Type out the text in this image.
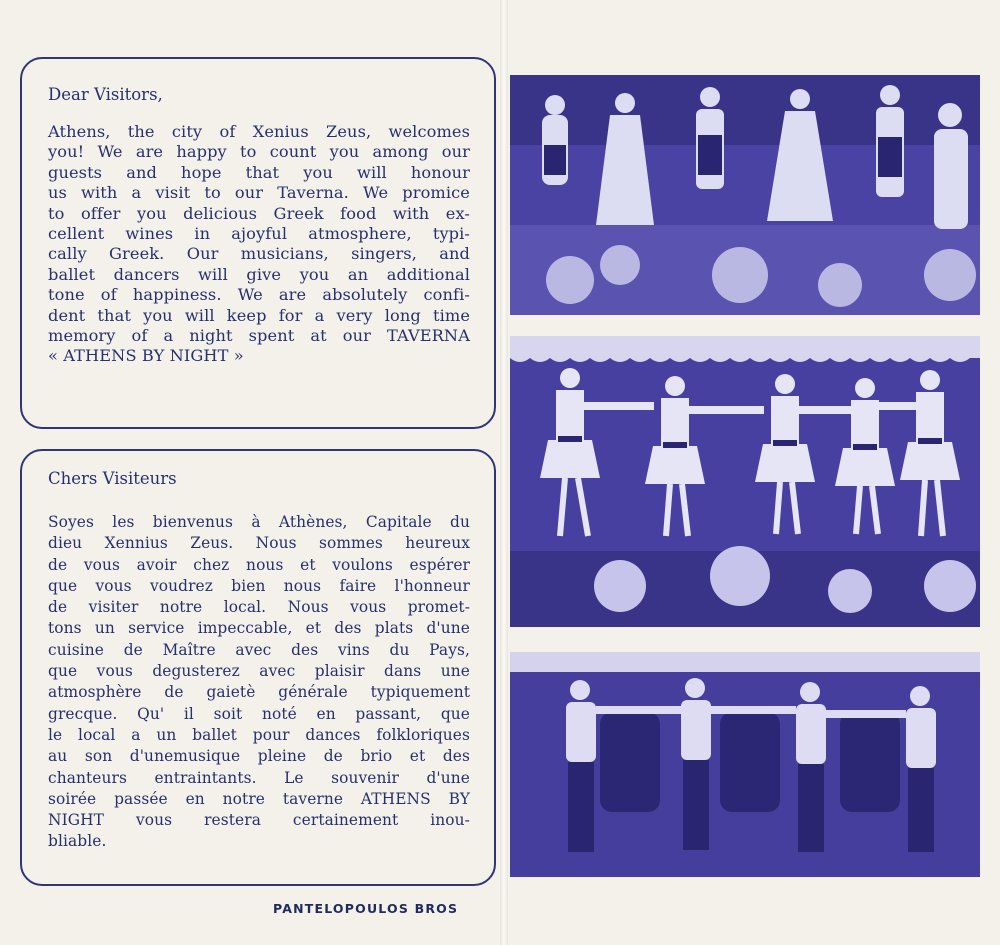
Dear Visitors,
Athens, the city of Xenius Zeus, welcomes
you! We are happy to count you among our
guests and hope that you will honour
us with a visit to our Taverna. We promice
to offer you delicious Greek food with ex-
cellent wines in ajoyful atmosphere, typi-
cally Greek. Our musicians, singers, and
ballet dancers will give you an additional
tone of happiness. We are absolutely confi-
dent that you will keep for a very long time
memory of a night spent at our TAVERNA
« ATHENS BY NIGHT »
Chers Visiteurs
Soyes les bienvenus à Athènes, Capitale du
dieu Xennius Zeus. Nous sommes heureux
de vous avoir chez nous et voulons espérer
que vous voudrez bien nous faire l'honneur
de visiter notre local. Nous vous promet-
tons un service impeccable, et des plats d'une
cuisine de Maître avec des vins du Pays,
que vous degusterez avec plaisir dans une
atmosphère de gaietè générale typiquement
grecque. Qu' il soit noté en passant, que
le local a un ballet pour dances folkloriques
au son d'unemusique pleine de brio et des
chanteurs entraintants. Le souvenir d'une
soirée passée en notre taverne ATHENS BY
NIGHT vous restera certainement inou-
bliable.
PANTELOPOULOS BROS
